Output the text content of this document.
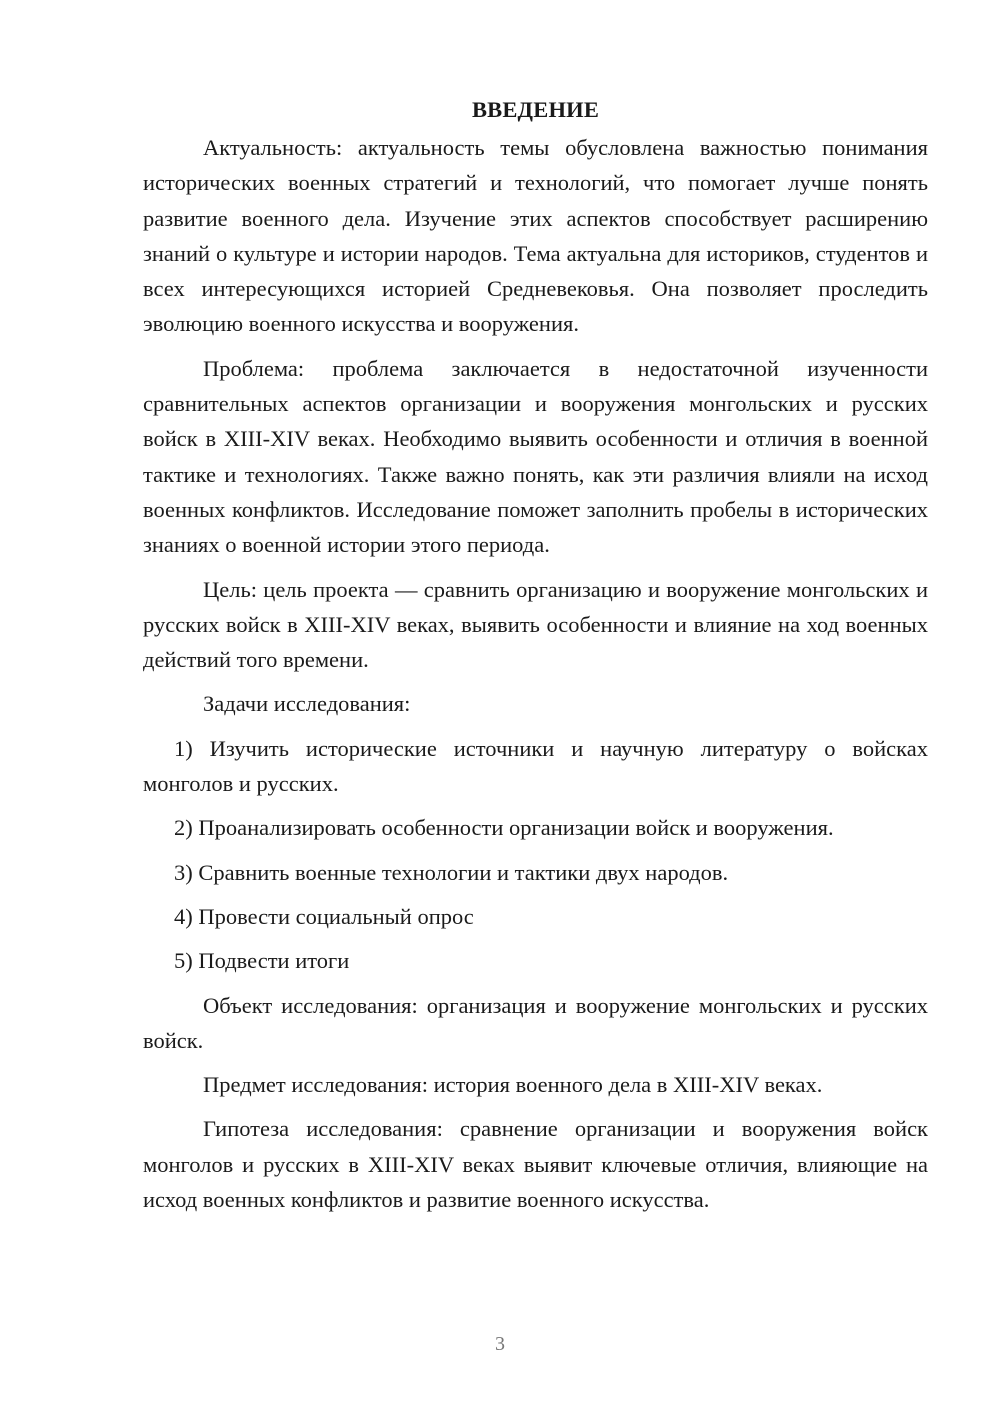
ВВЕДЕНИЕ

Актуальность: актуальность темы обусловлена важностью понимания исторических военных стратегий и технологий, что помогает лучше понять развитие военного дела. Изучение этих аспектов способствует расширению знаний о культуре и истории народов. Тема актуальна для историков, студентов и всех интересующихся историей Средневековья. Она позволяет проследить эволюцию военного искусства и вооружения.

Проблема: проблема заключается в недостаточной изученности сравнительных аспектов организации и вооружения монгольских и русских войск в XIII-XIV веках. Необходимо выявить особенности и отличия в военной тактике и технологиях. Также важно понять, как эти различия влияли на исход военных конфликтов. Исследование поможет заполнить пробелы в исторических знаниях о военной истории этого периода.

Цель: цель проекта — сравнить организацию и вооружение монгольских и русских войск в XIII-XIV веках, выявить особенности и влияние на ход военных действий того времени.

Задачи исследования:

1) Изучить исторические источники и научную литературу о войсках монголов и русских.

2) Проанализировать особенности организации войск и вооружения.

3) Сравнить военные технологии и тактики двух народов.

4) Провести социальный опрос

5) Подвести итоги

Объект исследования: организация и вооружение монгольских и русских войск.

Предмет исследования: история военного дела в XIII-XIV веках.

Гипотеза исследования: сравнение организации и вооружения войск монголов и русских в XIII-XIV веках выявит ключевые отличия, влияющие на исход военных конфликтов и развитие военного искусства.

3
